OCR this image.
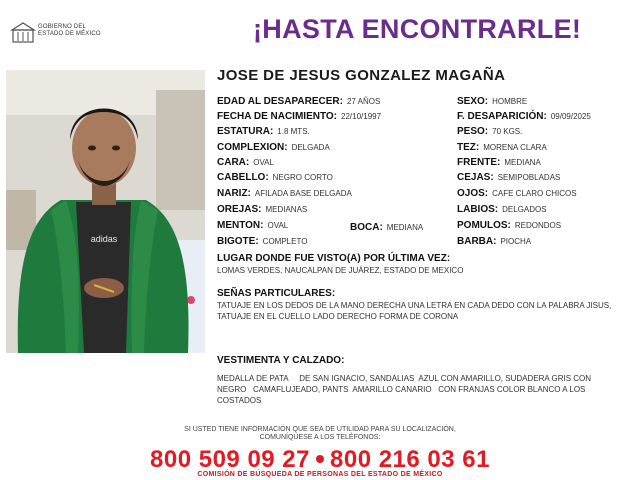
GOBIERNO DEL
ESTADO DE MÉXICO	¡HASTA ENCONTRARLE!
adidas
JOSE DE JESUS GONZALEZ MAGAÑA
EDAD AL DESAPARECER: 27 AÑOS
FECHA DE NACIMIENTO: 22/10/1997
ESTATURA: 1.8 MTS.
COMPLEXION: DELGADA
CARA: OVAL
CABELLO: NEGRO CORTO
NARIZ: AFILADA BASE DELGADA
OREJAS: MEDIANAS
MENTON: OVAL	BOCA: MEDIANA
BIGOTE: COMPLETO
SEXO: HOMBRE
F. DESAPARICIÓN: 09/09/2025
PESO: 70 KGS.
TEZ: MORENA CLARA
FRENTE: MEDIANA
CEJAS: SEMIPOBLADAS
OJOS: CAFE CLARO CHICOS
LABIOS: DELGADOS
POMULOS: REDONDOS
BARBA: PIOCHA
LUGAR DONDE FUE VISTO(A) POR ÚLTIMA VEZ:
LOMAS VERDES, NAUCALPAN DE JUÁREZ, ESTADO DE MEXICO
SEÑAS PARTICULARES:
TATUAJE EN LOS DEDOS DE LA MANO DERECHA UNA LETRA EN CADA DEDO CON LA PALABRA JISUS, TATUAJE EN EL CUELLO LADO DERECHO FORMA DE CORONA
VESTIMENTA Y CALZADO:
MEDALLA DE PATA     DE SAN IGNACIO, SANDALIAS  AZUL CON AMARILLO, SUDADERA GRIS CON NEGRO   CAMAFLUJEADO, PANTS  AMARILLO CANARIO   CON FRANJAS COLOR BLANCO A LOS COSTADOS
SI USTED TIENE INFORMACIÓN QUE SEA DE UTILIDAD PARA SU LOCALIZACIÓN,
COMUNÍQUESE A LOS TELÉFONOS:
800 509 09 27 800 216 03 61
COMISIÓN DE BÚSQUEDA DE PERSONAS DEL ESTADO DE MÉXICO
